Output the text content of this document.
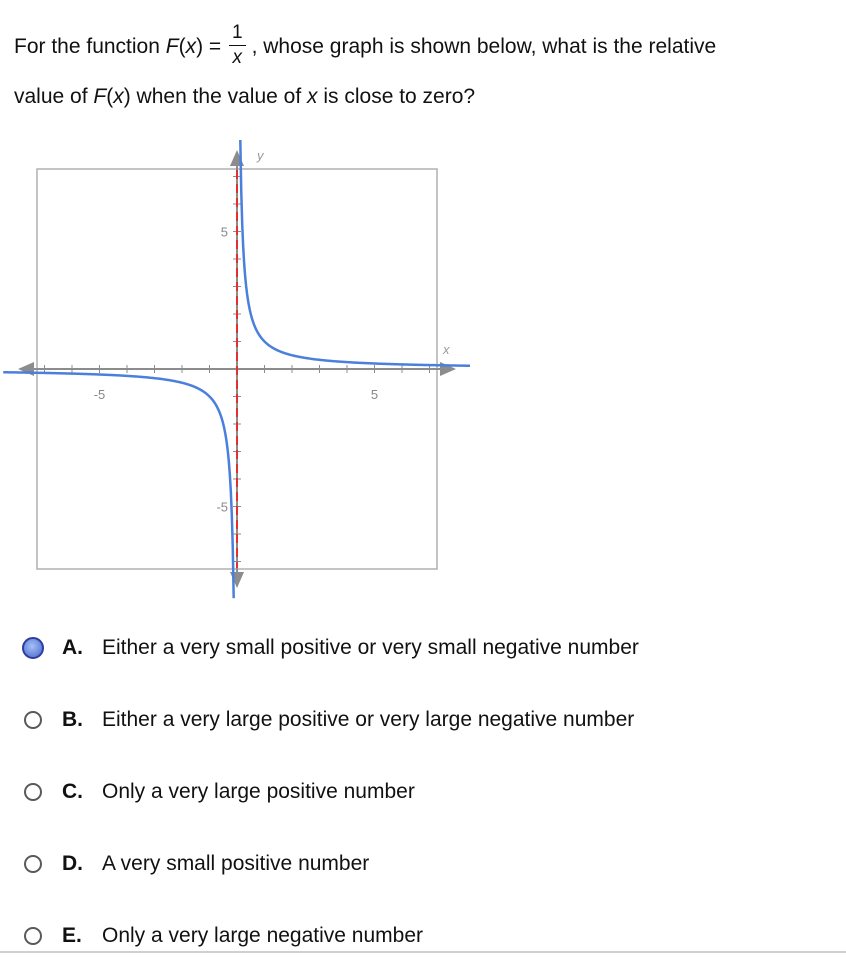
For the function $F(x) = \frac{1}{x}$ , whose graph is shown below, what is the relative
value of F(x) when the value of x is close to zero?
-5	5
5
-5
x
y
A. Either a very small positive or very small negative number
B. Either a very large positive or very large negative number
C. Only a very large positive number
D. A very small positive number
E. Only a very large negative number
